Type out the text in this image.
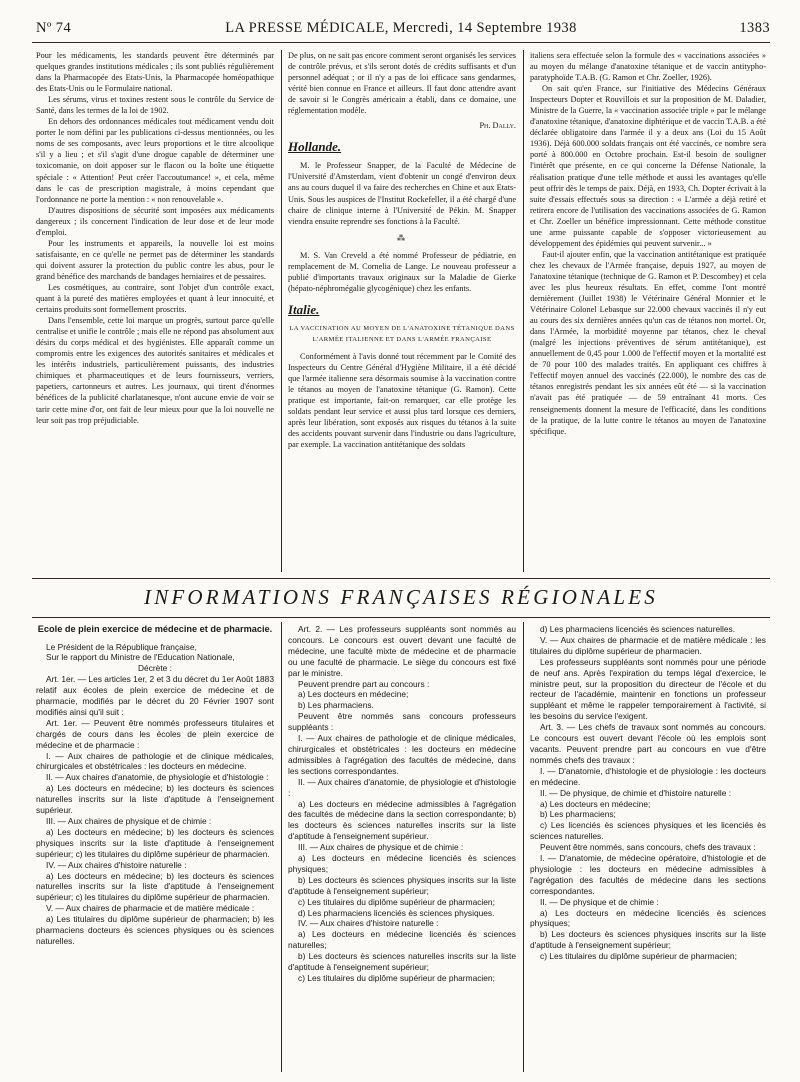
Nº 74	LA PRESSE MÉDICALE, Mercredi, 14 Septembre 1938	1383

Pour les médicaments, les standards peuvent être déterminés par quelques grandes institutions médicales ; ils sont publiés régulièrement dans la Pharmacopée des Etats-Unis, la Pharmacopée homéopathique des Etats-Unis ou le Formulaire national.

Les sérums, virus et toxines restent sous le contrôle du Service de Santé, dans les termes de la loi de 1902.

En dehors des ordonnances médicales tout médicament vendu doit porter le nom défini par les publications ci-dessus mentionnées, ou les noms de ses composants, avec leurs proportions et le titre alcoolique s'il y a lieu ; et s'il s'agit d'une drogue capable de déterminer une toxicomanie, on doit apposer sur le flacon ou la boîte une étiquette spéciale : « Attention! Peut créer l'accoutumance! », et cela, même dans le cas de prescription magistrale, à moins cependant que l'ordonnance ne porte la mention : « non renouvelable ».

D'autres dispositions de sécurité sont imposées aux médicaments dangereux ; ils concernent l'indication de leur dose et de leur mode d'emploi.

Pour les instruments et appareils, la nouvelle loi est moins satisfaisante, en ce qu'elle ne permet pas de déterminer les standards qui doivent assurer la protection du public contre les abus, pour le grand bénéfice des marchands de bandages herniaires et de pessaires.

Les cosmétiques, au contraire, sont l'objet d'un contrôle exact, quant à la pureté des matières employées et quant à leur innocuité, et certains produits sont formellement proscrits.

Dans l'ensemble, cette loi marque un progrès, surtout parce qu'elle centralise et unifie le contrôle ; mais elle ne répond pas absolument aux désirs du corps médical et des hygiénistes. Elle apparaît comme un compromis entre les exigences des autorités sanitaires et médicales et les intérêts industriels, particulièrement puissants, des industries chimiques et pharmaceutiques et de leurs fournisseurs, verriers, papetiers, cartonneurs et autres. Les journaux, qui tirent d'énormes bénéfices de la publicité charlatanesque, n'ont aucune envie de voir se tarir cette mine d'or, ont fait de leur mieux pour que la loi nouvelle ne leur soit pas trop préjudiciable.

De plus, on ne sait pas encore comment seront organisés les services de contrôle prévus, et s'ils seront dotés de crédits suffisants et d'un personnel adéquat ; or il n'y a pas de loi efficace sans gendarmes, vérité bien connue en France et ailleurs. Il faut donc attendre avant de savoir si le Congrès américain a établi, dans ce domaine, une réglementation modèle.

Ph. Dally.
Hollande.

M. le Professeur Snapper, de la Faculté de Médecine de l'Université d'Amsterdam, vient d'obtenir un congé d'environ deux ans au cours duquel il va faire des recherches en Chine et aux Etats-Unis. Sous les auspices de l'Institut Rockefeller, il a été chargé d'une chaire de clinique interne à l'Université de Pékin. M. Snapper viendra ensuite reprendre ses fonctions à la Faculté.

⁂

M. S. Van Creveld a été nommé Professeur de pédiatrie, en remplacement de M. Cornelia de Lange. Le nouveau professeur a publié d'importants travaux originaux sur la Maladie de Gierke (hépato-néphromégalie glycogénique) chez les enfants.

Italie.

LA VACCINATION AU MOYEN DE L'ANATOXINE TÉTANIQUE DANS L'ARMÉE ITALIENNE ET DANS L'ARMÉE FRANÇAISE

Conformément à l'avis donné tout récemment par le Comité des Inspecteurs du Centre Général d'Hygiène Militaire, il a été décidé que l'armée italienne sera désormais soumise à la vaccination contre le tétanos au moyen de l'anatoxine tétanique (G. Ramon). Cette pratique est importante, fait-on remarquer, car elle protège les soldats pendant leur service et aussi plus tard lorsque ces derniers, après leur libération, sont exposés aux risques du tétanos à la suite des accidents pouvant survenir dans l'industrie ou dans l'agriculture, par exemple. La vaccination antitétanique des soldats

italiens sera effectuée selon la formule des « vaccinations associées » au moyen du mélange d'anatoxine tétanique et de vaccin antitypho-paratyphoïde T.A.B. (G. Ramon et Chr. Zoeller, 1926).

On sait qu'en France, sur l'initiative des Médecins Généraux Inspecteurs Dopter et Rouvillois et sur la proposition de M. Daladier, Ministre de la Guerre, la « vaccination associée triple » par le mélange d'anatoxine tétanique, d'anatoxine diphtérique et de vaccin T.A.B. a été déclarée obligatoire dans l'armée il y a deux ans (Loi du 15 Août 1936). Déjà 600.000 soldats français ont été vaccinés, ce nombre sera porté à 800.000 en Octobre prochain. Est-il besoin de souligner l'intérêt que présente, en ce qui concerne la Défense Nationale, la réalisation pratique d'une telle méthode et aussi les avantages qu'elle peut offrir dès le temps de paix. Déjà, en 1933, Ch. Dopter écrivait à la suite d'essais effectués sous sa direction : « L'armée a déjà retiré et retirera encore de l'utilisation des vaccinations associées de G. Ramon et Chr. Zoeller un bénéfice impressionnant. Cette méthode constitue une arme puissante capable de s'opposer victorieusement au développement des épidémies qui peuvent survenir... »

Faut-il ajouter enfin, que la vaccination antitétanique est pratiquée chez les chevaux de l'Armée française, depuis 1927, au moyen de l'anatoxine tétanique (technique de G. Ramon et P. Descombey) et cela avec les plus heureux résultats. En effet, comme l'ont montré dernièrement (Juillet 1938) le Vétérinaire Général Monnier et le Vétérinaire Colonel Lebasque sur 22.000 chevaux vaccinés il n'y eut au cours des six dernières années qu'un cas de tétanos non mortel. Or, dans l'Armée, la morbidité moyenne par tétanos, chez le cheval (malgré les injections préventives de sérum antitétanique), est annuellement de 0,45 pour 1.000 de l'effectif moyen et la mortalité est de 70 pour 100 des malades traités. En appliquant ces chiffres à l'effectif moyen annuel des vaccinés (22.000), le nombre des cas de tétanos enregistrés pendant les six années eût été — si la vaccination n'avait pas été pratiquée — de 59 entraînant 41 morts. Ces renseignements donnent la mesure de l'efficacité, dans les conditions de la pratique, de la lutte contre le tétanos au moyen de l'anatoxine spécifique.

INFORMATIONS FRANÇAISES RÉGIONALES

Ecole de plein exercice de médecine et de pharmacie.

Le Président de la République française,

Sur le rapport du Ministre de l'Education Nationale,

Décrète :

Art. 1er. — Les articles 1er, 2 et 3 du décret du 1er Août 1883 relatif aux écoles de plein exercice de médecine et de pharmacie, modifiés par le décret du 20 Février 1907 sont modifiés ainsi qu'il suit :

Art. 1er. — Peuvent être nommés professeurs titulaires et chargés de cours dans les écoles de plein exercice de médecine et de pharmacie :

I. — Aux chaires de pathologie et de clinique médicales, chirurgicales et obstétricales : les docteurs en médecine.

II. — Aux chaires d'anatomie, de physiologie et d'histologie :

a) Les docteurs en médecine; b) les docteurs ès sciences naturelles inscrits sur la liste d'aptitude à l'enseignement supérieur.

III. — Aux chaires de physique et de chimie :

a) Les docteurs en médecine; b) les docteurs ès sciences physiques inscrits sur la liste d'aptitude à l'enseignement supérieur; c) les titulaires du diplôme supérieur de pharmacien.

IV. — Aux chaires d'histoire naturelle :

a) Les docteurs en médecine; b) les docteurs ès sciences naturelles inscrits sur la liste d'aptitude à l'enseignement supérieur; c) les titulaires du diplôme supérieur de pharmacien.

V. — Aux chaires de pharmacie et de matière médicale :

a) Les titulaires du diplôme supérieur de pharmacien; b) les pharmaciens docteurs ès sciences physiques ou ès sciences naturelles.

Art. 2. — Les professeurs suppléants sont nommés au concours. Le concours est ouvert devant une faculté de médecine, une faculté mixte de médecine et de pharmacie ou une faculté de pharmacie. Le siège du concours est fixé par le ministre.

Peuvent prendre part au concours :

a) Les docteurs en médecine;

b) Les pharmaciens.

Peuvent être nommés sans concours professeurs suppléants :

I. — Aux chaires de pathologie et de clinique médicales, chirurgicales et obstétricales : les docteurs en médecine admissibles à l'agrégation des facultés de médecine, dans les sections correspondantes.

II. — Aux chaires d'anatomie, de physiologie et d'histologie :

a) Les docteurs en médecine admissibles à l'agrégation des facultés de médecine dans la section correspondante; b) les docteurs ès sciences naturelles inscrits sur la liste d'aptitude à l'enseignement supérieur.

III. — Aux chaires de physique et de chimie :

a) Les docteurs en médecine licenciés ès sciences physiques;

b) Les docteurs ès sciences physiques inscrits sur la liste d'aptitude à l'enseignement supérieur;

c) Les titulaires du diplôme supérieur de pharmacien;

d) Les pharmaciens licenciés ès sciences physiques.

IV. — Aux chaires d'histoire naturelle :

a) Les docteurs en médecine licenciés ès sciences naturelles;

b) Les docteurs ès sciences naturelles inscrits sur la liste d'aptitude à l'enseignement supérieur;

c) Les titulaires du diplôme supérieur de pharmacien;

d) Les pharmaciens licenciés ès sciences naturelles.

V. — Aux chaires de pharmacie et de matière médicale : les titulaires du diplôme supérieur de pharmacien.

Les professeurs suppléants sont nommés pour une période de neuf ans. Après l'expiration du temps légal d'exercice, le ministre peut, sur la proposition du directeur de l'école et du recteur de l'académie, maintenir en fonctions un professeur suppléant et même le rappeler temporairement à l'activité, si les besoins du service l'exigent.

Art. 3. — Les chefs de travaux sont nommés au concours. Le concours est ouvert devant l'école où les emplois sont vacants. Peuvent prendre part au concours en vue d'être nommés chefs des travaux :

I. — D'anatomie, d'histologie et de physiologie : les docteurs en médecine.

II. — De physique, de chimie et d'histoire naturelle :

a) Les docteurs en médecine;

b) Les pharmaciens;

c) Les licenciés ès sciences physiques et les licenciés ès sciences naturelles.

Peuvent être nommés, sans concours, chefs des travaux :

I. — D'anatomie, de médecine opératoire, d'histologie et de physiologie : les docteurs en médecine admissibles à l'agrégation des facultés de médecine dans les sections correspondantes.

II. — De physique et de chimie :

a) Les docteurs en médecine licenciés ès sciences physiques;

b) Les docteurs ès sciences physiques inscrits sur la liste d'aptitude à l'enseignement supérieur;

c) Les titulaires du diplôme supérieur de pharmacien;
